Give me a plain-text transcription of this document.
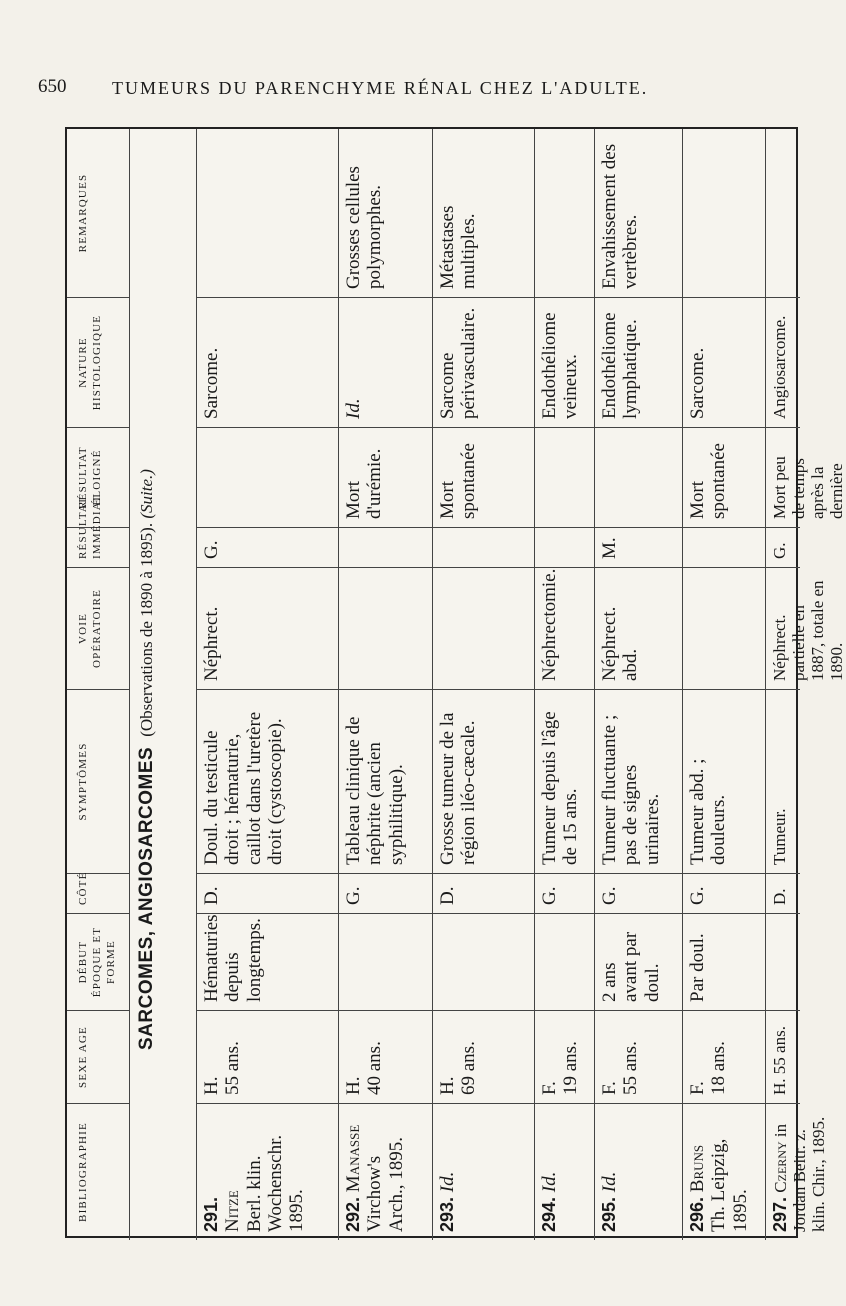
650	TUMEURS DU PARENCHYME RÉNAL CHEZ L'ADULTE.
BIBLIOGRAPHIE
SEXE AGE
DÉBUT ÉPOQUE ET FORME
CÔTÉ
SYMPTÔMES
VOIE OPÉRATOIRE
RÉSULTAT IMMÉDIAT
RÉSULTAT ÉLOIGNÉ
NATURE HISTOLOGIQUE
REMARQUES
SARCOMES, ANGIOSARCOMES (Observations de 1890 à 1895). (Suite.)
291.
Nitze
Berl. klin. Wochenschr. 1895.
H.
55 ans.
Hématuries depuis longtemps.
D.
Doul. du testicule droit ; hématurie, caillot dans l'uretère droit (cystoscopie).
Néphrect.
G.
Sarcome.
292. Manasse
Virchow's Arch., 1895.
H.
40 ans.
G.
Tableau clinique de néphrite (ancien syphilitique).
Mort d'urémie.
Id.
Grosses cellules polymorphes.
293. Id.
H.
69 ans.
D.
Grosse tumeur de la région iléo-cæcale.
Mort spontanée
Sarcome périvasculaire.
Métastases multiples.
294. Id.
F.
19 ans.
G.
Tumeur depuis l'âge de 15 ans.
Néphrectomie.
Endothéliome veineux.
295. Id.
F.
55 ans.
2 ans avant par doul.
G.
Tumeur fluctuante ; pas de signes urinaires.
Néphrect. abd.
M.
Endothéliome lymphatique.
Envahissement des vertèbres.
296. Bruns
Th. Leipzig, 1895.
F.
18 ans.
Par doul.
G.
Tumeur abd. ; douleurs.
Mort spontanée
Sarcome.
297. Czerny in Jordan Beitr. z. klin. Chir., 1895.
H. 55 ans.
D.
Tumeur.
Néphrect. partielle en 1887, totale en 1890.
G.
Mort peu de temps après la dernière
Angiosarcome.
